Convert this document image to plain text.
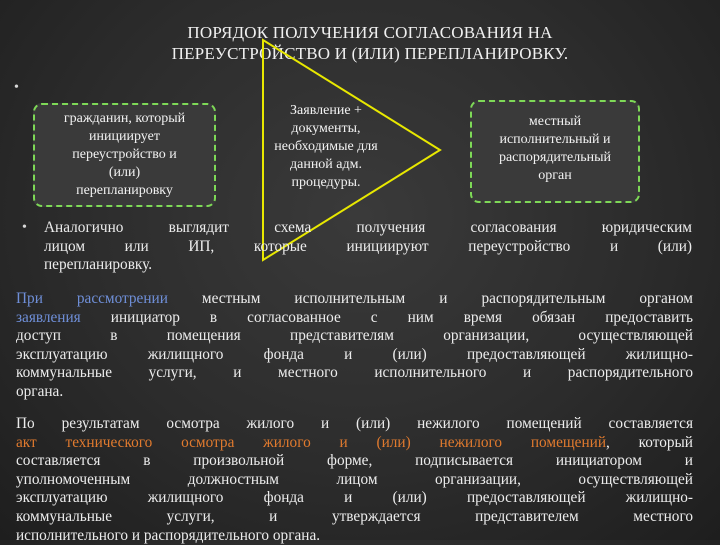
ПОРЯДОК ПОЛУЧЕНИЯ СОГЛАСОВАНИЯ НА
ПЕРЕУСТРОЙСТВО И (ИЛИ) ПЕРЕПЛАНИРОВКУ.
•
гражданин, который
инициирует
переустройство и
(или)
перепланировку
Заявление +
документы,
необходимые для
данной адм.
процедуры.
местный
исполнительный и
распорядительный
орган
• Аналогично выглядит схема получения согласования юридическим
лицом или ИП, которые инициируют переустройство и (или)
перепланировку.
При рассмотрении местным исполнительным и распорядительным органом
заявления инициатор в согласованное с ним время обязан предоставить
доступ в помещения представителям организации, осуществляющей
эксплуатацию жилищного фонда и (или) предоставляющей жилищно-
коммунальные услуги, и местного исполнительного и распорядительного
органа.
По результатам осмотра жилого и (или) нежилого помещений составляется
акт технического осмотра жилого и (или) нежилого помещений, который
составляется в произвольной форме, подписывается инициатором и
уполномоченным должностным лицом организации, осуществляющей
эксплуатацию жилищного фонда и (или) предоставляющей жилищно-
коммунальные услуги, и утверждается представителем местного
исполнительного и распорядительного органа.
